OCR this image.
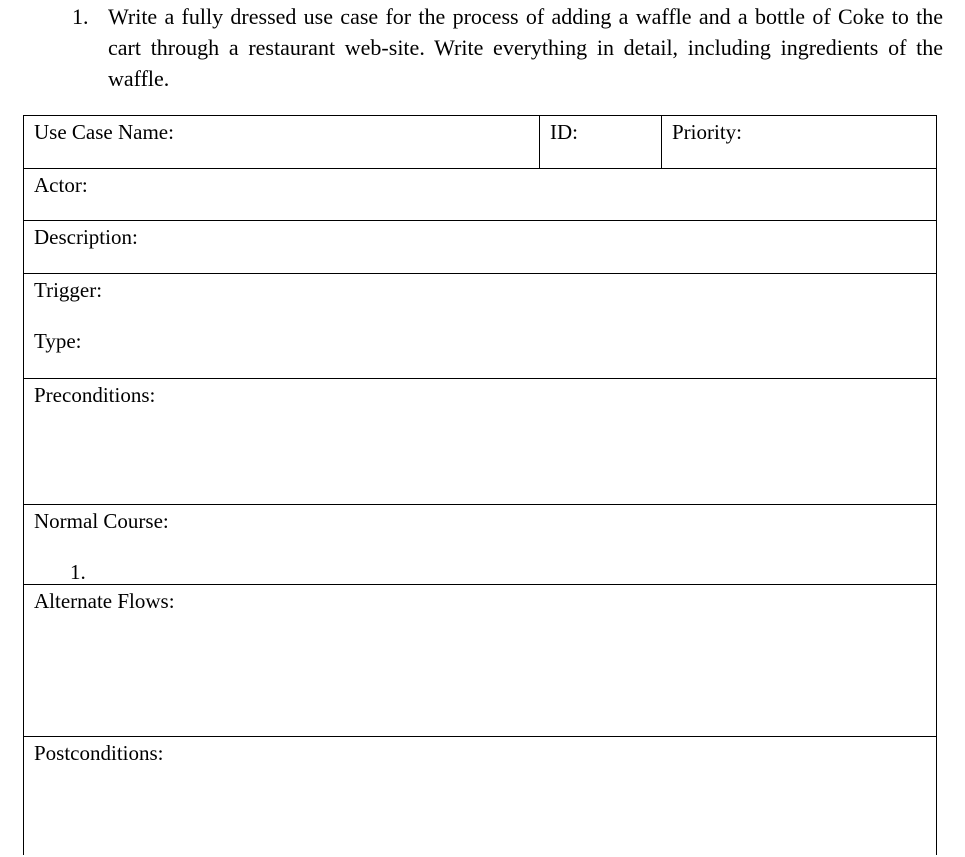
1. Write a fully dressed use case for the process of adding a waffle and a bottle of Coke to the cart through a restaurant web-site. Write everything in detail, including ingredients of the waffle.
Use Case Name:	ID:	Priority:
Actor:
Description:
Trigger:
Type:
Preconditions:
Normal Course:
1.
Alternate Flows:
Postconditions:
